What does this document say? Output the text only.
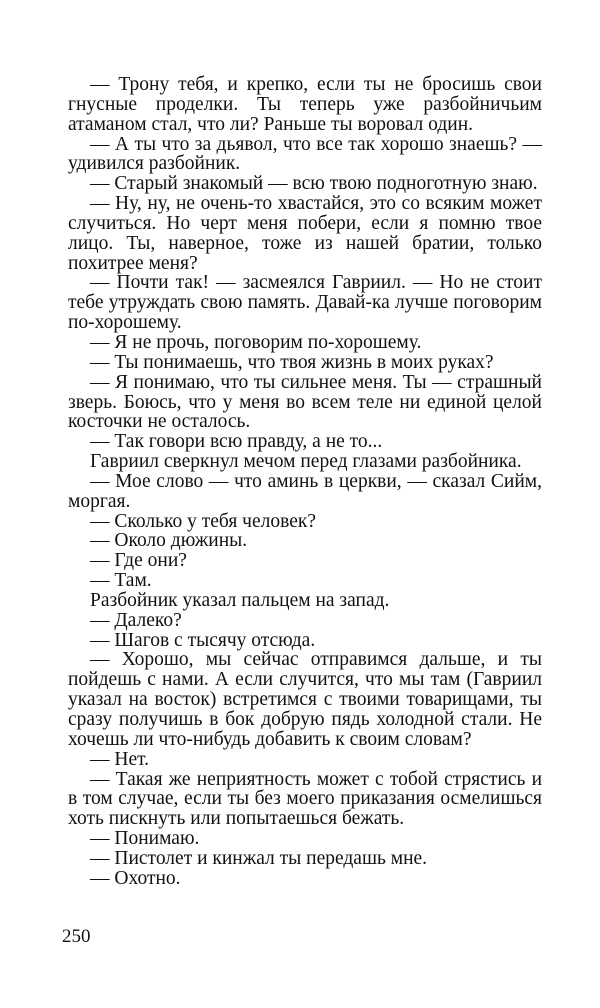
— Трону тебя, и крепко, если ты не бросишь свои гнусные проделки. Ты теперь уже разбойничьим атаманом стал, что ли? Раньше ты воровал один.

— А ты что за дьявол, что все так хорошо знаешь? — удивился разбойник.

— Старый знакомый — всю твою подноготную знаю.

— Ну, ну, не очень-то хвастайся, это со всяким может случиться. Но черт меня побери, если я помню твое лицо. Ты, наверное, тоже из нашей братии, только похитрее меня?

— Почти так! — засмеялся Гавриил. — Но не стоит тебе утруждать свою память. Давай-ка лучше поговорим по-хорошему.

— Я не прочь, поговорим по-хорошему.

— Ты понимаешь, что твоя жизнь в моих руках?

— Я понимаю, что ты сильнее меня. Ты — страшный зверь. Боюсь, что у меня во всем теле ни единой целой косточки не осталось.

— Так говори всю правду, а не то...

Гавриил сверкнул мечом перед глазами разбойника.

— Мое слово — что аминь в церкви, — сказал Сийм, моргая.

— Сколько у тебя человек?

— Около дюжины.

— Где они?

— Там.

Разбойник указал пальцем на запад.

— Далеко?

— Шагов с тысячу отсюда.

— Хорошо, мы сейчас отправимся дальше, и ты пойдешь с нами. А если случится, что мы там (Гавриил указал на восток) встретимся с твоими товарищами, ты сразу получишь в бок добрую пядь холодной стали. Не хочешь ли что-нибудь добавить к своим словам?

— Нет.

— Такая же неприятность может с тобой стрястись и в том случае, если ты без моего приказания осмелишься хоть пискнуть или попытаешься бежать.

— Понимаю.

— Пистолет и кинжал ты передашь мне.

— Охотно.

250
